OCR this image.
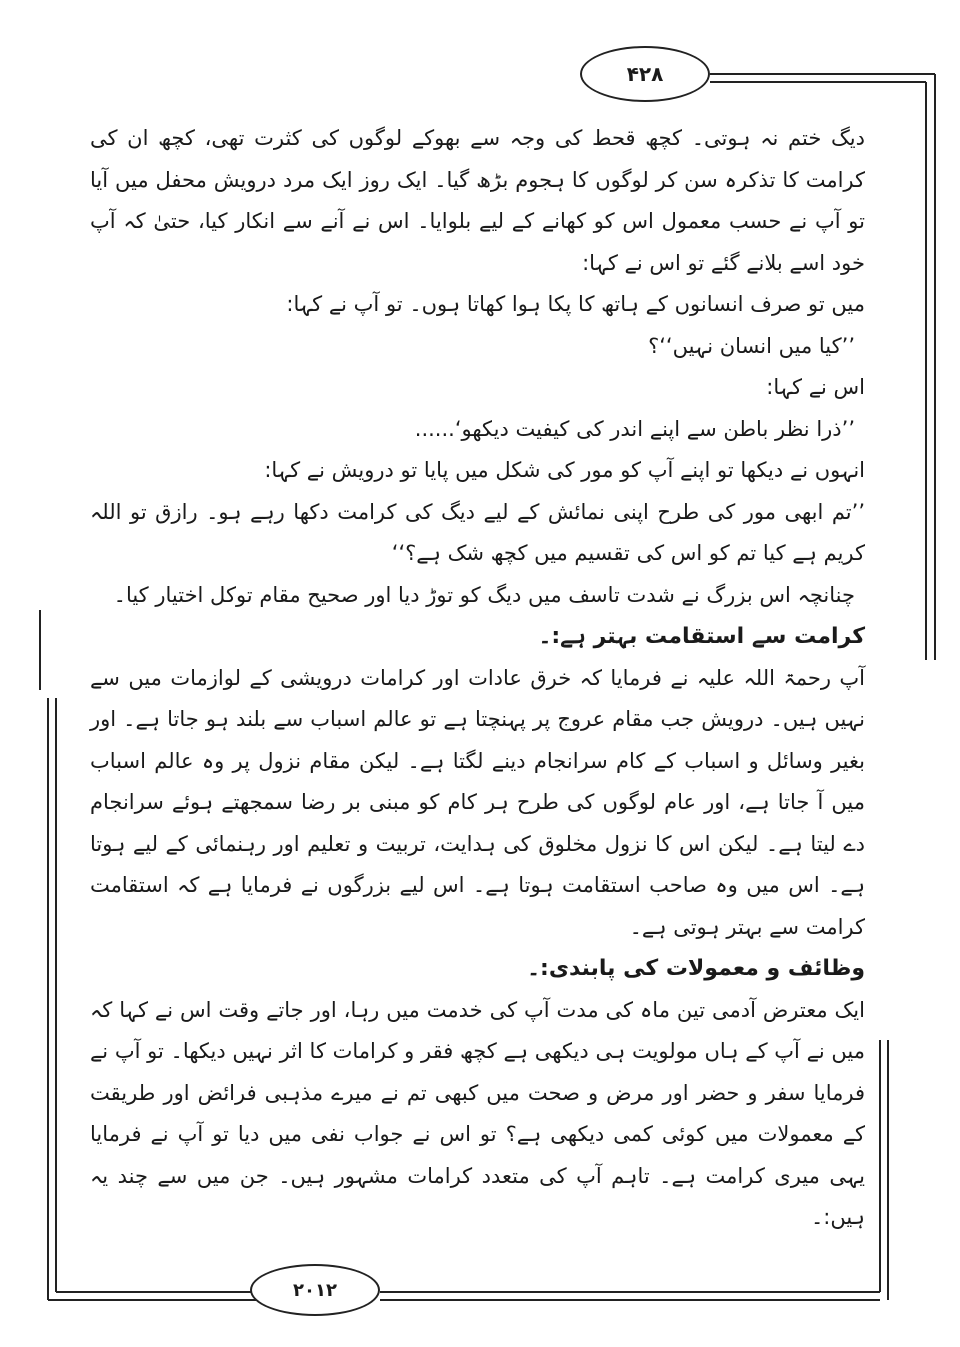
۴۲۸

دیگ ختم نہ ہوتی۔ کچھ قحط کی وجہ سے بھوکے لوگوں کی کثرت تھی، کچھ ان کی کرامت کا تذکرہ سن کر لوگوں کا ہجوم بڑھ گیا۔ ایک روز ایک مرد درویش محفل میں آیا تو آپ نے حسب معمول اس کو کھانے کے لیے بلوایا۔ اس نے آنے سے انکار کیا، حتیٰ کہ آپ خود اسے بلانے گئے تو اس نے کہا:

میں تو صرف انسانوں کے ہاتھ کا پکا ہوا کھاتا ہوں۔ تو آپ نے کہا:

’’کیا میں انسان نہیں‘‘؟

اس نے کہا:

’’ذرا نظر باطن سے اپنے اندر کی کیفیت دیکھو‘......

انہوں نے دیکھا تو اپنے آپ کو مور کی شکل میں پایا تو درویش نے کہا:

’’تم ابھی مور کی طرح اپنی نمائش کے لیے دیگ کی کرامت دکھا رہے ہو۔ رازق تو اللہ کریم ہے کیا تم کو اس کی تقسیم میں کچھ شک ہے؟‘‘

چنانچہ اس بزرگ نے شدت تاسف میں دیگ کو توڑ دیا اور صحیح مقام توکل اختیار کیا۔

کرامت سے استقامت بہتر ہے:۔

آپ رحمۃ اللہ علیہ نے فرمایا کہ خرق عادات اور کرامات درویشی کے لوازمات میں سے نہیں ہیں۔ درویش جب مقام عروج پر پہنچتا ہے تو عالم اسباب سے بلند ہو جاتا ہے۔ اور بغیر وسائل و اسباب کے کام سرانجام دینے لگتا ہے۔ لیکن مقام نزول پر وہ عالم اسباب میں آ جاتا ہے، اور عام لوگوں کی طرح ہر کام کو مبنی بر رضا سمجھتے ہوئے سرانجام دے لیتا ہے۔ لیکن اس کا نزول مخلوق کی ہدایت، تربیت و تعلیم اور رہنمائی کے لیے ہوتا ہے۔ اس میں وہ صاحب استقامت ہوتا ہے۔ اس لیے بزرگوں نے فرمایا ہے کہ استقامت کرامت سے بہتر ہوتی ہے۔

وظائف و معمولات کی پابندی:۔

ایک معترض آدمی تین ماہ کی مدت آپ کی خدمت میں رہا، اور جاتے وقت اس نے کہا کہ میں نے آپ کے ہاں مولویت ہی دیکھی ہے کچھ فقر و کرامات کا اثر نہیں دیکھا۔ تو آپ نے فرمایا سفر و حضر اور مرض و صحت میں کبھی تم نے میرے مذہبی فرائض اور طریقت کے معمولات میں کوئی کمی دیکھی ہے؟ تو اس نے جواب نفی میں دیا تو آپ نے فرمایا یہی میری کرامت ہے۔ تاہم آپ کی متعدد کرامات مشہور ہیں۔ جن میں سے چند یہ ہیں:۔

۲۰۱۲
